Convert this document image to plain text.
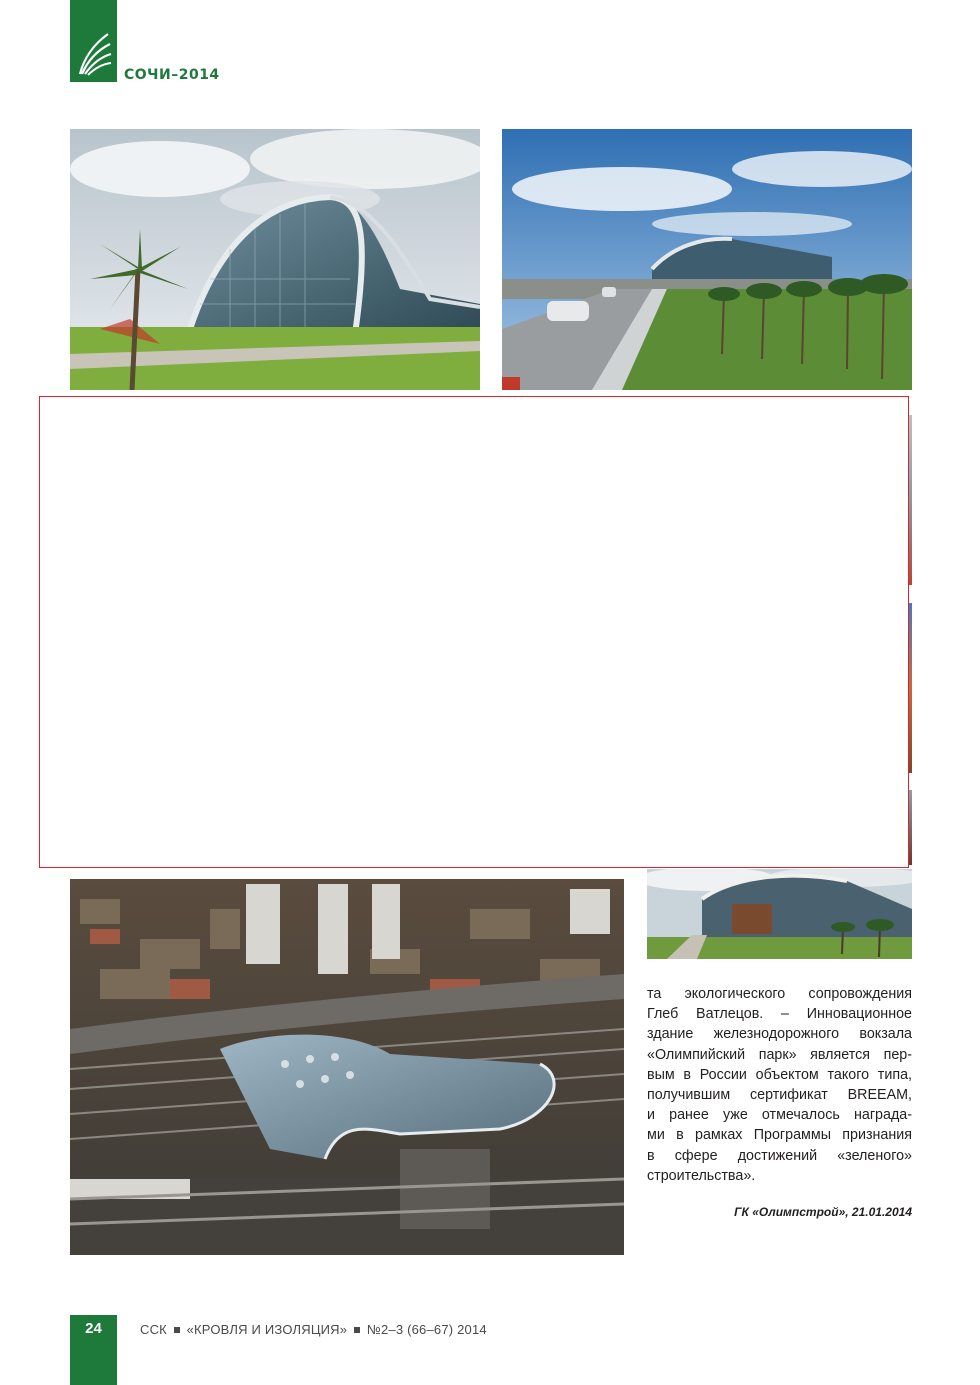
СОЧИ–2014
та экологического сопровождения
Глеб Ватлецов. – Инновационное
здание железнодорожного вокзала
«Олимпийский парк» является пер-
вым в России объектом такого типа,
получившим сертификат BREEAM,
и ранее уже отмечалось награда-
ми в рамках Программы признания
в сфере достижений «зеленого»
строительства».
ГК «Олимпстрой», 21.01.2014
24	ССК «КРОВЛЯ И ИЗОЛЯЦИЯ» №2–3 (66–67) 2014
